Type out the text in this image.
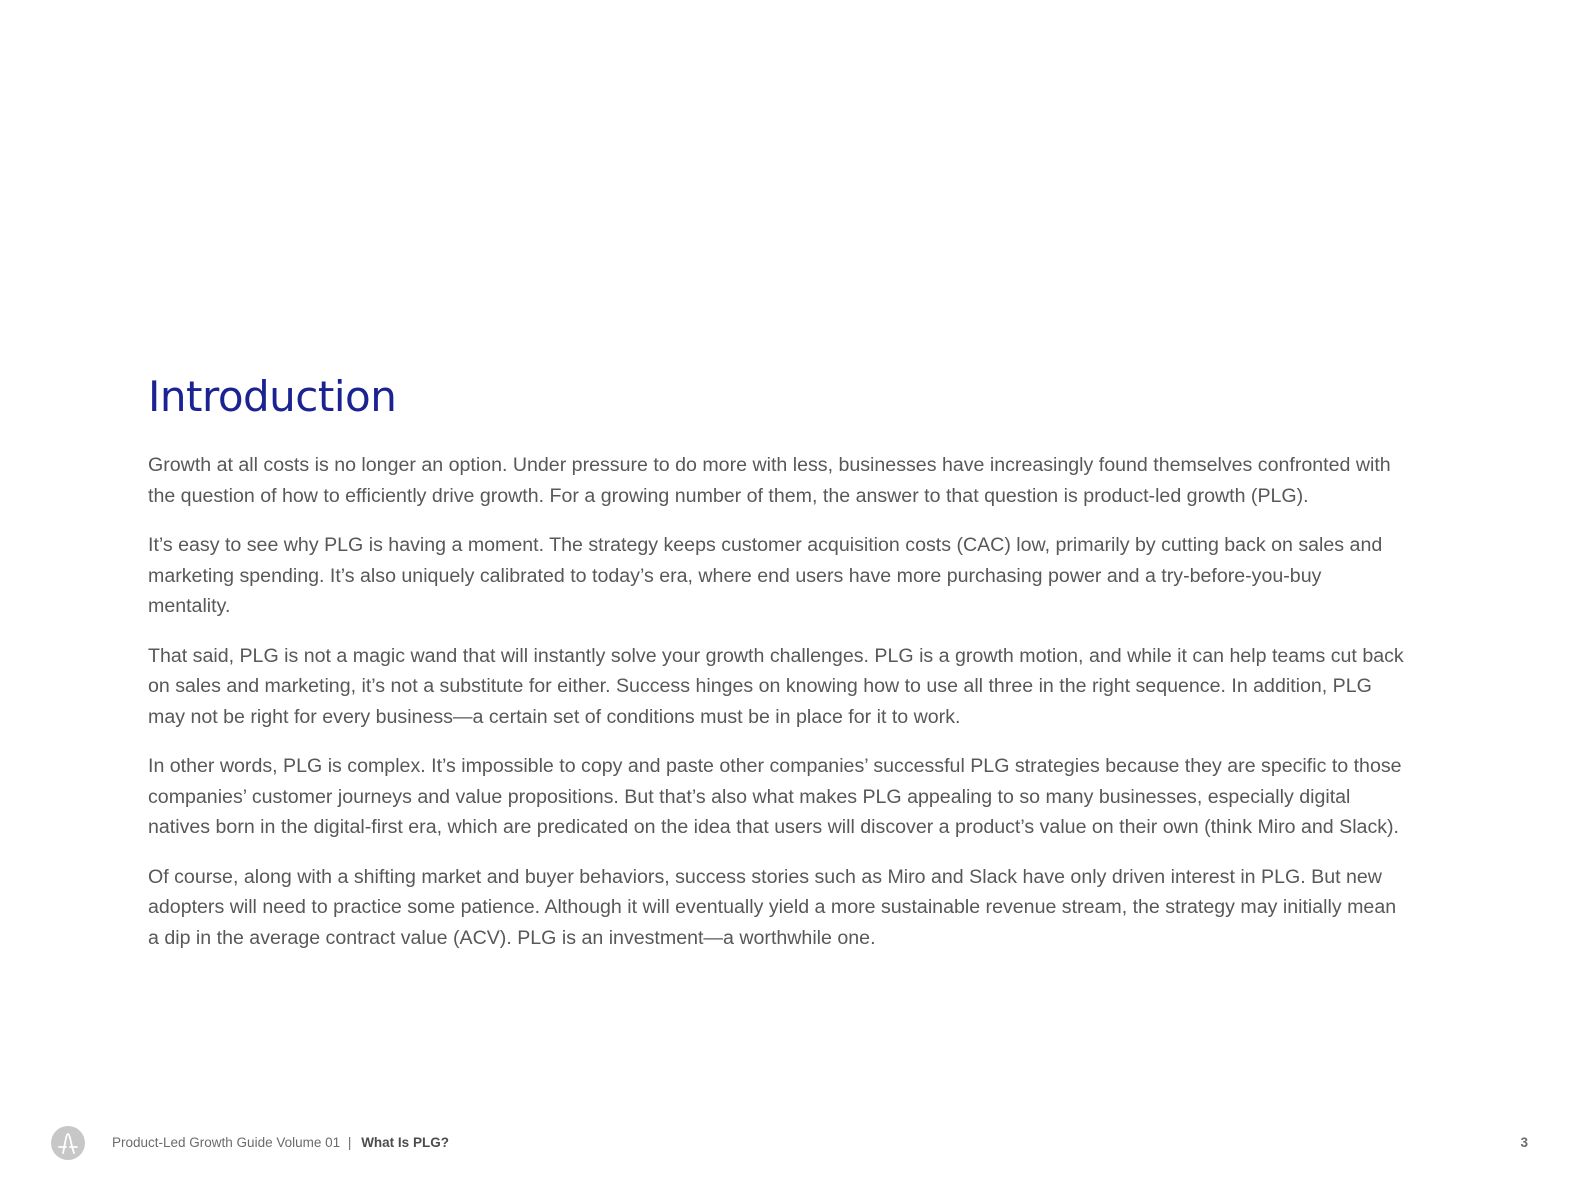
Introduction

Growth at all costs is no longer an option. Under pressure to do more with less, businesses have increasingly found themselves confronted with the question of how to efficiently drive growth. For a growing number of them, the answer to that question is product-led growth (PLG).

It’s easy to see why PLG is having a moment. The strategy keeps customer acquisition costs (CAC) low, primarily by cutting back on sales and marketing spending. It’s also uniquely calibrated to today’s era, where end users have more purchasing power and a try-before-you-buy mentality.

That said, PLG is not a magic wand that will instantly solve your growth challenges. PLG is a growth motion, and while it can help teams cut back on sales and marketing, it’s not a substitute for either. Success hinges on knowing how to use all three in the right sequence. In addition, PLG may not be right for every business—a certain set of conditions must be in place for it to work.

In other words, PLG is complex. It’s impossible to copy and paste other companies’ successful PLG strategies because they are specific to those companies’ customer journeys and value propositions. But that’s also what makes PLG appealing to so many businesses, especially digital natives born in the digital-first era, which are predicated on the idea that users will discover a product’s value on their own (think Miro and Slack).

Of course, along with a shifting market and buyer behaviors, success stories such as Miro and Slack have only driven interest in PLG. But new adopters will need to practice some patience. Although it will eventually yield a more sustainable revenue stream, the strategy may initially mean a dip in the average contract value (ACV). PLG is an investment—a worthwhile one.

Product-Led Growth Guide Volume 01 | What Is PLG?	3
